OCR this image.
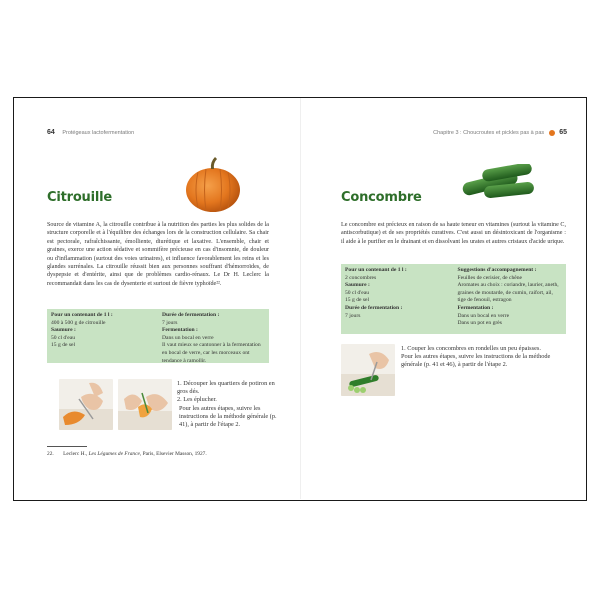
64 Protégeaux lactofermentation
Citrouille
Source de vitamine A, la citrouille contribue à la nutrition des parties les plus solides de la structure corporelle et à l'équilibre des échanges lors de la construction cellulaire. Sa chair est pectorale, rafraîchissante, émolliente, diurétique et laxative. L'ensemble, chair et graines, exerce une action sédative et sommifère précieuse en cas d'insomnie, de douleur ou d'inflammation (surtout des voies urinaires), et influence favorablement les reins et les glandes surrénales. La citrouille réussit bien aux personnes souffrant d'hémorroïdes, de dyspepsie et d'entérite, ainsi que de problèmes cardio-rénaux. Le Dr H. Leclerc la recommandait dans les cas de dysenterie et surtout de fièvre typhoïde²².
Pour un contenant de 1 l :
400 à 500 g de citrouille
Saumure :
50 cl d'eau
15 g de sel
Durée de fermentation :
7 jours
Fermentation :
Dans un bocal en verre
Il vaut mieux se cantonner à la fermentation en bocal de verre, car les morceaux ont tendance à ramollir.
1. Découper les quartiers de potiron en gros dés.
2. Les éplucher.
Pour les autres étapes, suivre les instructions de la méthode générale (p. 41), à partir de l'étape 2.
22. Leclerc H., Les Légumes de France, Paris, Elsevier Masson, 1927.
Chapitre 3 : Choucroutes et pickles pas à pas 65
Concombre
Le concombre est précieux en raison de sa haute teneur en vitamines (surtout la vitamine C, antiscorbutique) et de ses propriétés curatives. C'est aussi un désintoxicant de l'organisme : il aide à le purifier en le drainant et en dissolvant les urates et autres cristaux d'acide urique.
Pour un contenant de 1 l :
2 concombres
Saumure :
50 cl d'eau
15 g de sel
Durée de fermentation :
7 jours
Suggestions d'accompagnement :
Feuilles de cerisier, de chêne
Aromates au choix : coriandre, laurier, aneth, graines de moutarde, de cumin, raifort, ail, tige de fenouil, estragon
Fermentation :
Dans un bocal en verre
Dans un pot en grès
1. Couper les concombres en rondelles un peu épaisses.
Pour les autres étapes, suivre les instructions de la méthode générale (p. 41 et 46), à partir de l'étape 2.
